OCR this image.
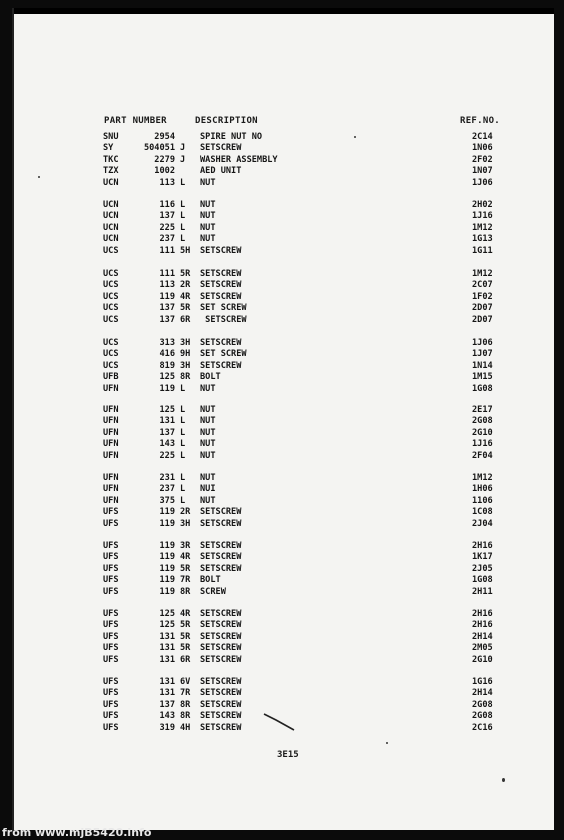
PART NUMBER	DESCRIPTION	REF.NO.
SNU	2954	SPIRE NUT NO	2C14
SY	504051 J SETSCREW	1N06
TKC	2279 J WASHER ASSEMBLY	2F02
TZX	1002	AED UNIT	1N07
UCN	113 L NUT	1J06
UCN	116 L NUT	2H02
UCN	137 L NUT	1J16
UCN	225 L NUT	1M12
UCN	237 L NUT	1G13
UCS	111 5H SETSCREW	1G11
UCS	111 5R SETSCREW	1M12
UCS	113 2R SETSCREW	2C07
UCS	119 4R SETSCREW	1F02
UCS	137 5R SET SCREW	2D07
UCS	137 6R SETSCREW	2D07
UCS	313 3H SETSCREW	1J06
UCS	416 9H SET SCREW	1J07
UCS	819 3H SETSCREW	1N14
UFB	125 8R BOLT	1M15
UFN	119 L NUT	1G08
UFN	125 L NUT	2E17
UFN	131 L NUT	2G08
UFN	137 L NUT	2G10
UFN	143 L NUT	1J16
UFN	225 L NUT	2F04
UFN	231 L NUT	1M12
UFN	237 L NUI	1H06
UFN	375 L NUT	1106
UFS	119 2R SETSCREW	1C08
UFS	119 3H SETSCREW	2J04
UFS	119 3R SETSCREW	2H16
UFS	119 4R SETSCREW	1K17
UFS	119 5R SETSCREW	2J05
UFS	119 7R BOLT	1G08
UFS	119 8R SCREW	2H11
UFS	125 4R SETSCREW	2H16
UFS	125 5R SETSCREW	2H16
UFS	131 5R SETSCREW	2H14
UFS	131 5R SETSCREW	2M05
UFS	131 6R SETSCREW	2G10
UFS	131 6V SETSCREW	1G16
UFS	131 7R SETSCREW	2H14
UFS	137 8R SETSCREW	2G08
UFS	143 8R SETSCREW	2G08
UFS	319 4H SETSCREW	2C16

3E15
from www.mjB5420.info
